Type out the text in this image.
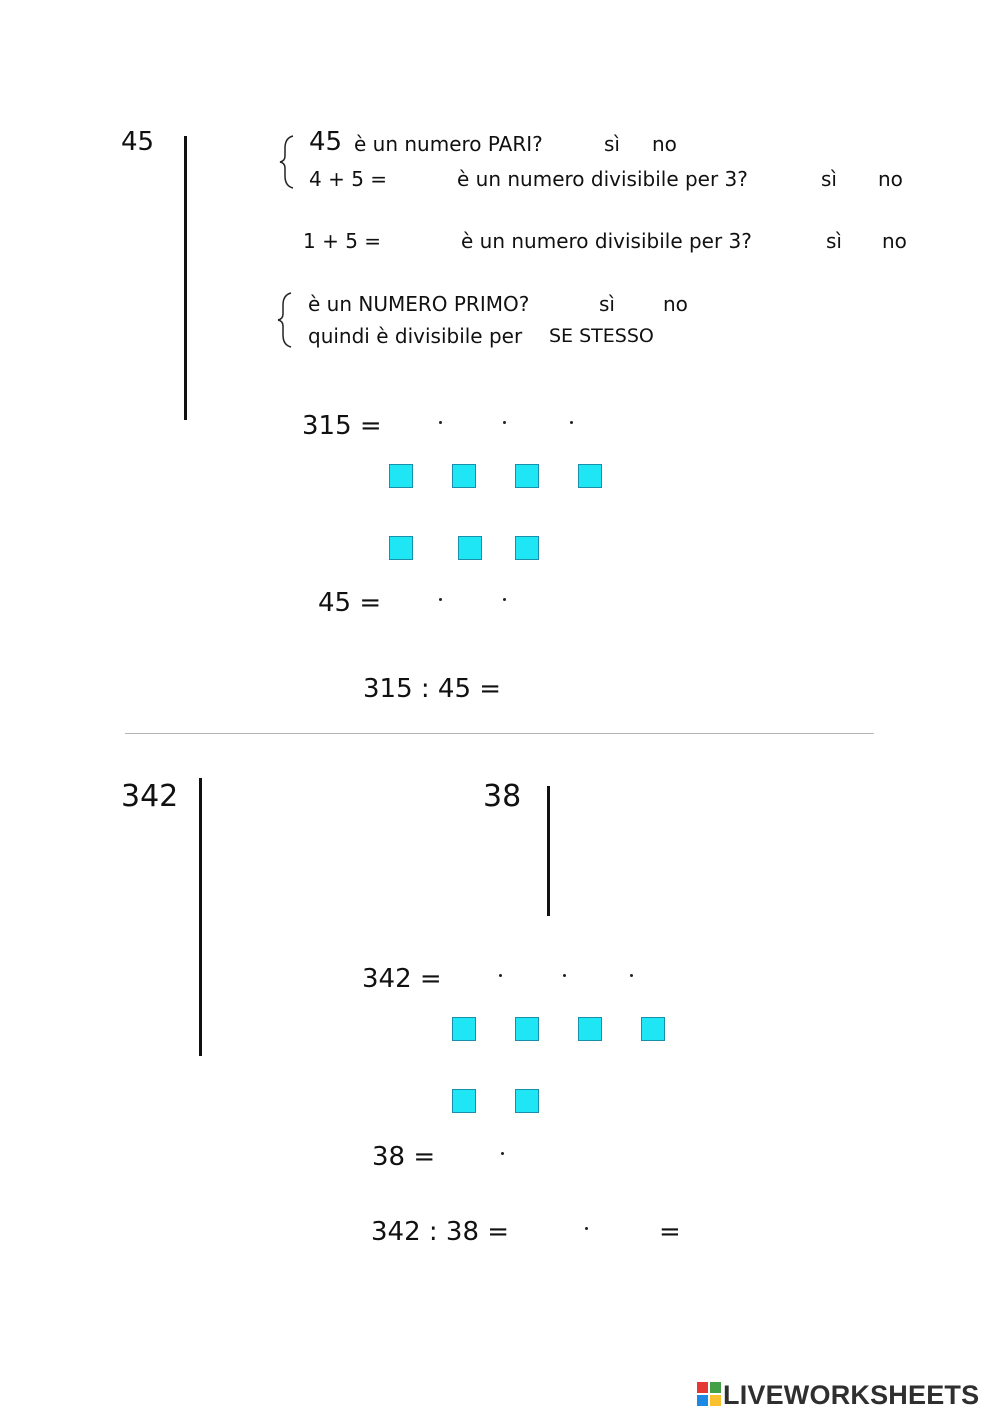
45	45 è un numero PARI?	sì no
4 + 5 =	è un numero divisibile per 3?	sì no
1 + 5 =	è un numero divisibile per 3?	sì no
è un NUMERO PRIMO?	sì no
quindi è divisibile per SE STESSO
315 =
45 =
315 : 45 =
342	38
342 =
38 =
342 : 38 =	=
LIVEWORKSHEETS
